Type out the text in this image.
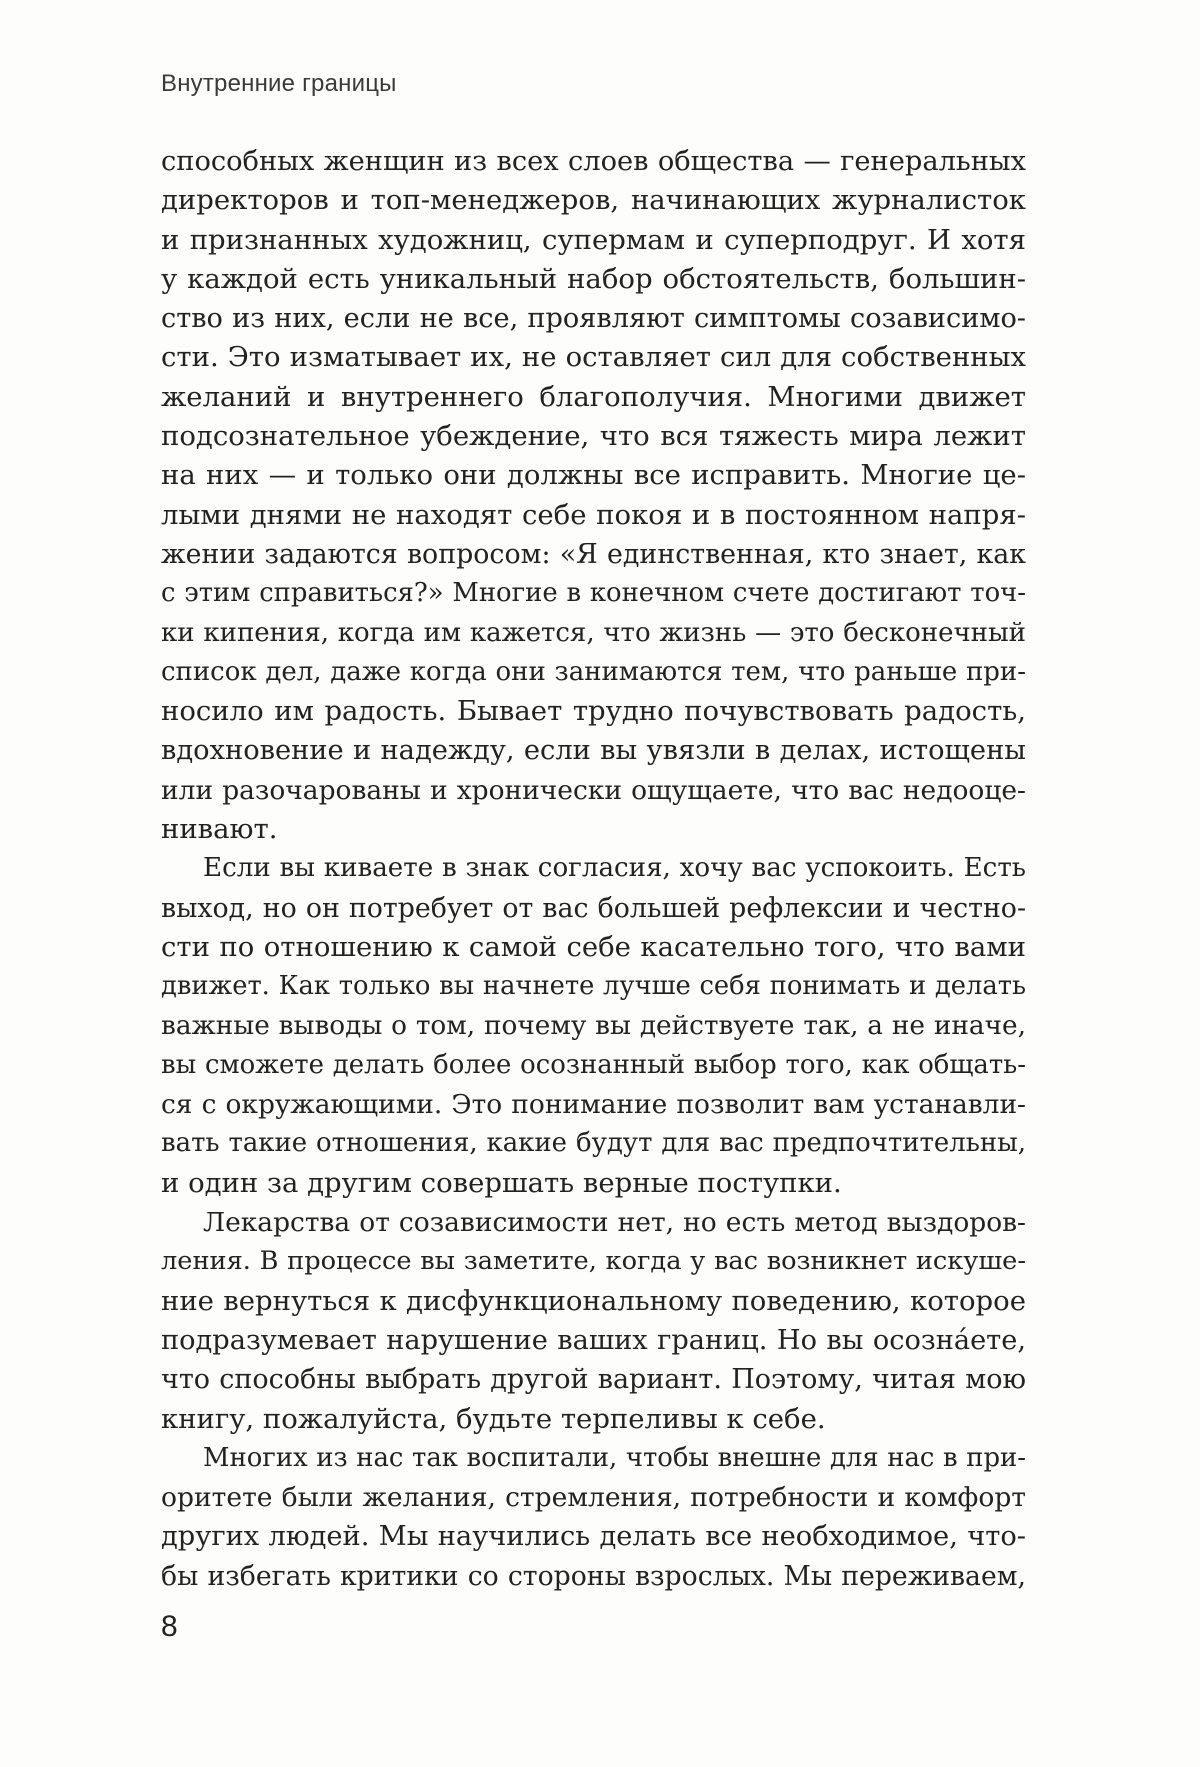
Внутренние границы
способных женщин из всех слоев общества — генеральных
директоров и топ-менеджеров, начинающих журналисток
и признанных художниц, супермам и суперподруг. И хотя
у каждой есть уникальный набор обстоятельств, большин-
ство из них, если не все, проявляют симптомы созависимо-
сти. Это изматывает их, не оставляет сил для собственных
желаний и внутреннего благополучия. Многими движет
подсознательное убеждение, что вся тяжесть мира лежит
на них — и только они должны все исправить. Многие це-
лыми днями не находят себе покоя и в постоянном напря-
жении задаются вопросом: «Я единственная, кто знает, как
с этим справиться?» Многие в конечном счете достигают точ-
ки кипения, когда им кажется, что жизнь — это бесконечный
список дел, даже когда они занимаются тем, что раньше при-
носило им радость. Бывает трудно почувствовать радость,
вдохновение и надежду, если вы увязли в делах, истощены
или разочарованы и хронически ощущаете, что вас недооце-
нивают.
Если вы киваете в знак согласия, хочу вас успокоить. Есть
выход, но он потребует от вас большей рефлексии и честно-
сти по отношению к самой себе касательно того, что вами
движет. Как только вы начнете лучше себя понимать и делать
важные выводы о том, почему вы действуете так, а не иначе,
вы сможете делать более осознанный выбор того, как общать-
ся с окружающими. Это понимание позволит вам устанавли-
вать такие отношения, какие будут для вас предпочтительны,
и один за другим совершать верные поступки.
Лекарства от созависимости нет, но есть метод выздоров-
ления. В процессе вы заметите, когда у вас возникнет искуше-
ние вернуться к дисфункциональному поведению, которое
подразумевает нарушение ваших границ. Но вы осознáете,
что способны выбрать другой вариант. Поэтому, читая мою
книгу, пожалуйста, будьте терпеливы к себе.
Многих из нас так воспитали, чтобы внешне для нас в при-
оритете были желания, стремления, потребности и комфорт
других людей. Мы научились делать все необходимое, что-
бы избегать критики со стороны взрослых. Мы переживаем,
8
